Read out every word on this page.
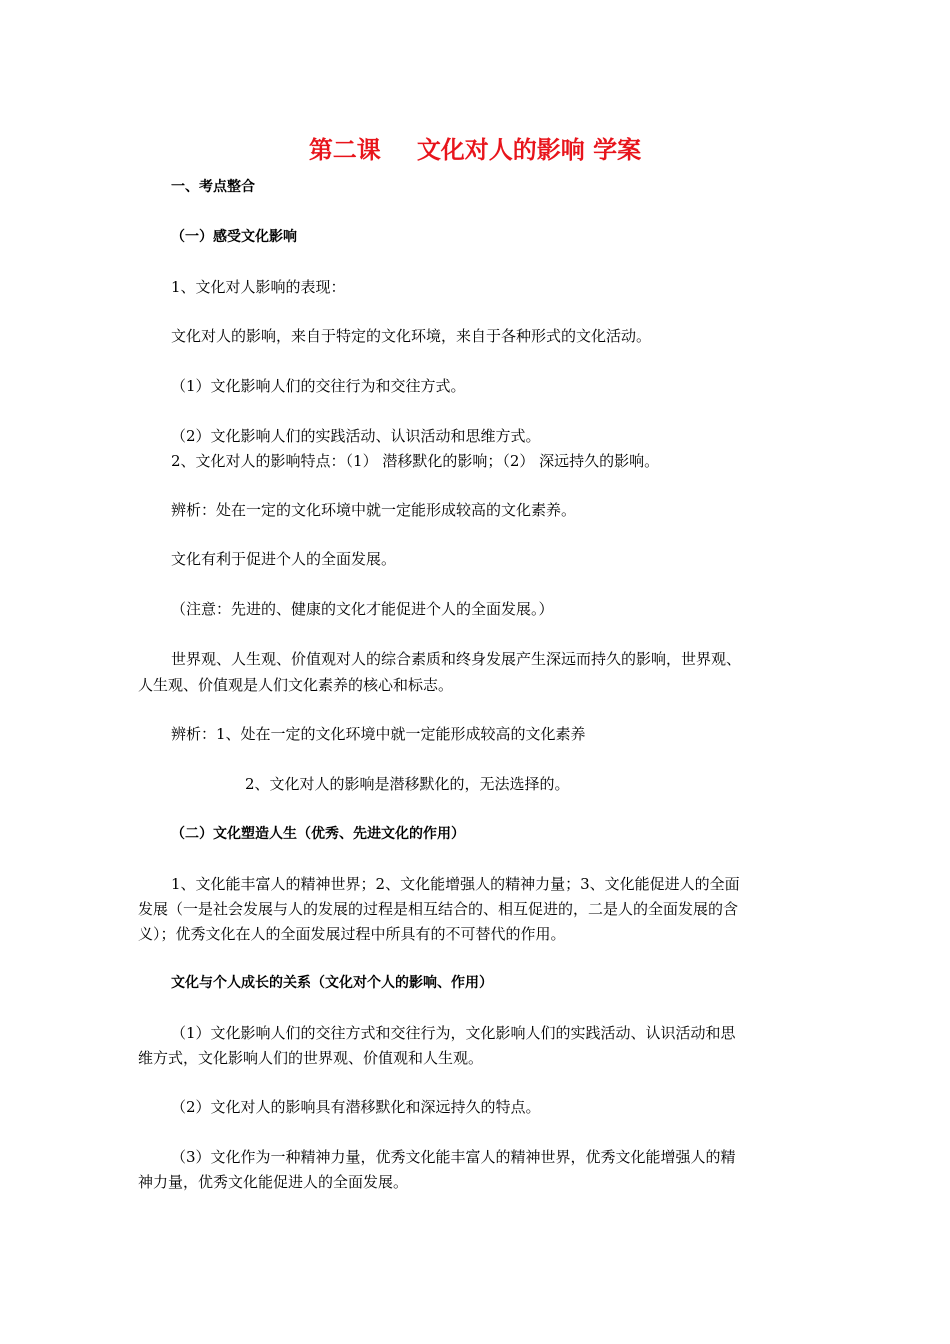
第二课 文化对人的影响 学案
一、考点整合
（一）感受文化影响
1、文化对人影响的表现：
文化对人的影响，来自于特定的文化环境，来自于各种形式的文化活动。
（1）文化影响人们的交往行为和交往方式。
（2）文化影响人们的实践活动、认识活动和思维方式。
2、文化对人的影响特点：（1） 潜移默化的影响；（2） 深远持久的影响。
辨析：处在一定的文化环境中就一定能形成较高的文化素养。
文化有利于促进个人的全面发展。
（注意：先进的、健康的文化才能促进个人的全面发展。）
世界观、人生观、价值观对人的综合素质和终身发展产生深远而持久的影响，世界观、
人生观、价值观是人们文化素养的核心和标志。
辨析：1、处在一定的文化环境中就一定能形成较高的文化素养
2、文化对人的影响是潜移默化的，无法选择的。
（二）文化塑造人生（优秀、先进文化的作用）
1、文化能丰富人的精神世界；2、文化能增强人的精神力量；3、文化能促进人的全面
发展（一是社会发展与人的发展的过程是相互结合的、相互促进的，二是人的全面发展的含
义）；优秀文化在人的全面发展过程中所具有的不可替代的作用。
文化与个人成长的关系（文化对个人的影响、作用）
（1）文化影响人们的交往方式和交往行为，文化影响人们的实践活动、认识活动和思
维方式，文化影响人们的世界观、价值观和人生观。
（2）文化对人的影响具有潜移默化和深远持久的特点。
（3）文化作为一种精神力量，优秀文化能丰富人的精神世界，优秀文化能增强人的精
神力量，优秀文化能促进人的全面发展。
